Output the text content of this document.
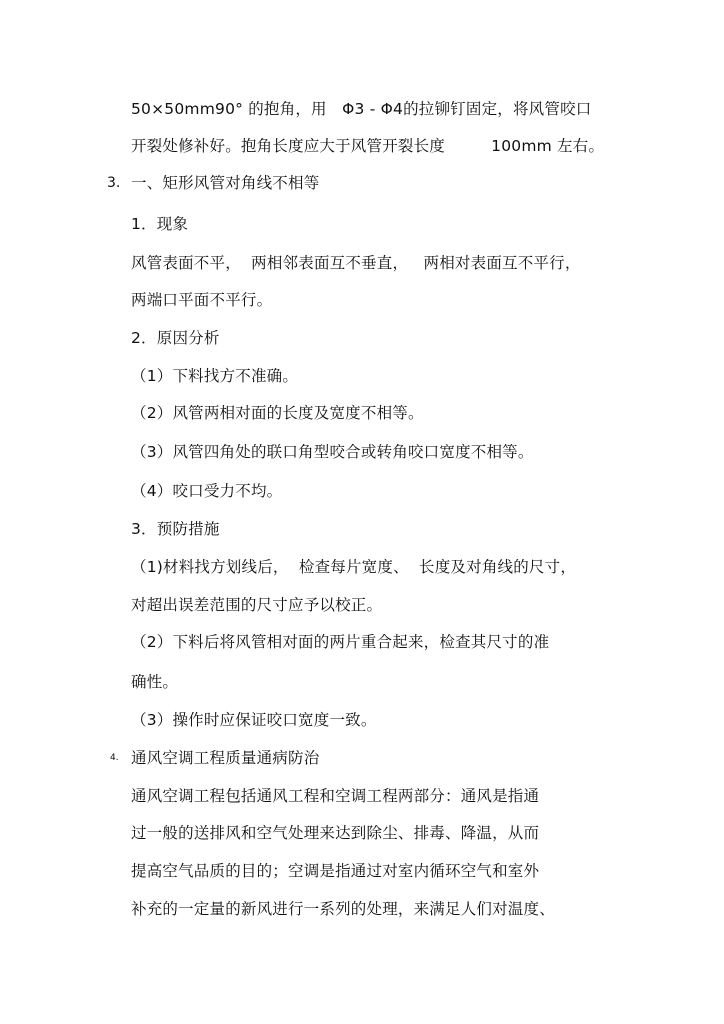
50×50mm90° 的抱角，用   Φ3 - Φ4的拉铆钉固定，将风管咬口
开裂处修补好。抱角长度应大于风管开裂长度         100mm 左右。
3. 一、矩形风管对角线不相等
1．现象
风管表面不平，  两相邻表面互不垂直，   两相对表面互不平行，
两端口平面不平行。
2．原因分析
（1）下料找方不准确。
（2）风管两相对面的长度及宽度不相等。
（3）风管四角处的联口角型咬合或转角咬口宽度不相等。
（4）咬口受力不均。
3．预防措施
（1)材料找方划线后，  检查每片宽度、  长度及对角线的尺寸，
对超出误差范围的尺寸应予以校正。
（2）下料后将风管相对面的两片重合起来，检查其尺寸的准
确性。
（3）操作时应保证咬口宽度一致。
4. 通风空调工程质量通病防治
通风空调工程包括通风工程和空调工程两部分：通风是指通
过一般的送排风和空气处理来达到除尘、排毒、降温，从而
提高空气品质的目的；空调是指通过对室内循环空气和室外
补充的一定量的新风进行一系列的处理，来满足人们对温度、
